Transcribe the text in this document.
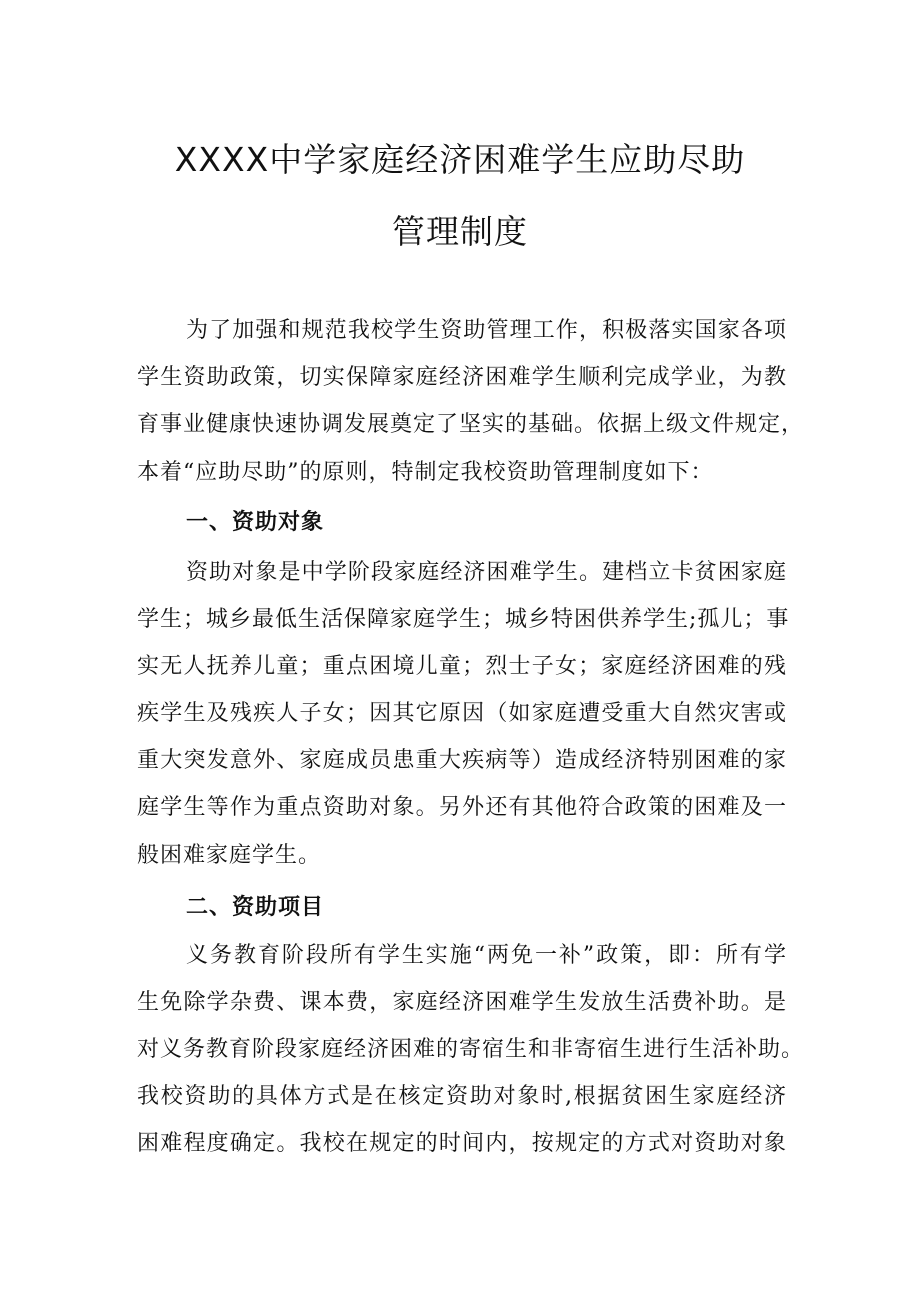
XXXX中学家庭经济困难学生应助尽助
管理制度
为了加强和规范我校学生资助管理工作，积极落实国家各项
学生资助政策，切实保障家庭经济困难学生顺利完成学业，为教
育事业健康快速协调发展奠定了坚实的基础。依据上级文件规定，
本着“应助尽助”的原则，特制定我校资助管理制度如下：
一、资助对象
资助对象是中学阶段家庭经济困难学生。建档立卡贫困家庭
学生；城乡最低生活保障家庭学生；城乡特困供养学生;孤儿；事
实无人抚养儿童；重点困境儿童；烈士子女；家庭经济困难的残
疾学生及残疾人子女；因其它原因（如家庭遭受重大自然灾害或
重大突发意外、家庭成员患重大疾病等）造成经济特别困难的家
庭学生等作为重点资助对象。另外还有其他符合政策的困难及一
般困难家庭学生。
二、资助项目
义务教育阶段所有学生实施“两免一补”政策，即：所有学
生免除学杂费、课本费，家庭经济困难学生发放生活费补助。是
对义务教育阶段家庭经济困难的寄宿生和非寄宿生进行生活补助。
我校资助的具体方式是在核定资助对象时,根据贫困生家庭经济
困难程度确定。我校在规定的时间内，按规定的方式对资助对象
